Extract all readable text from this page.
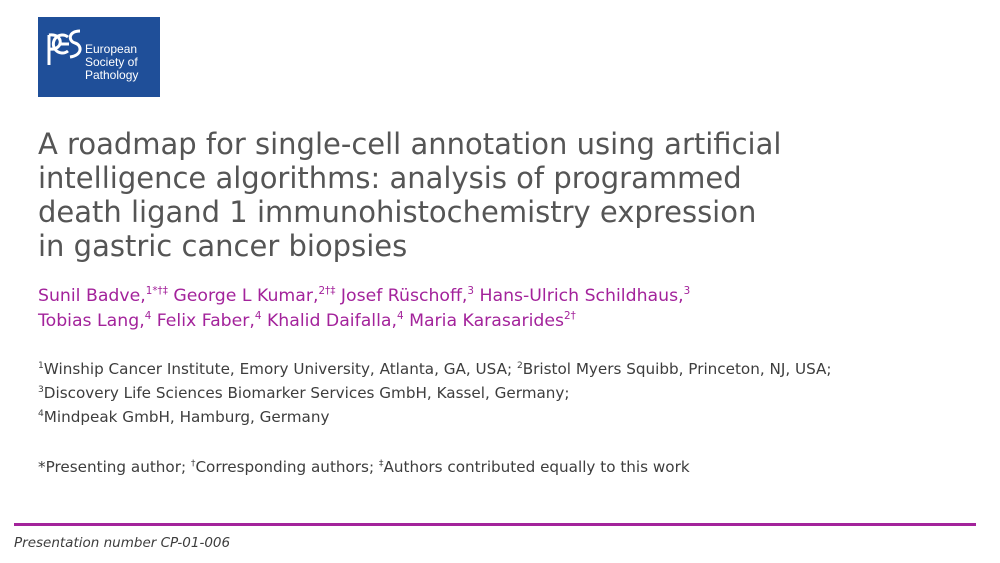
European
Society of
Pathology
A roadmap for single-cell annotation using artificial
intelligence algorithms: analysis of programmed
death ligand 1 immunohistochemistry expression
in gastric cancer biopsies
Sunil Badve,$^{1*\dagger\ddagger}$ George L Kumar,$^{2\dagger\ddagger}$ Josef Rüschoff,$^3$ Hans-Ulrich Schildhaus,$^3$
Tobias Lang,$^4$ Felix Faber,$^4$ Khalid Daifalla,$^4$ Maria Karasarides$^{2\dagger}$
$^1$Winship Cancer Institute, Emory University, Atlanta, GA, USA; $^2$Bristol Myers Squibb, Princeton, NJ, USA;
$^3$Discovery Life Sciences Biomarker Services GmbH, Kassel, Germany;
$^4$Mindpeak GmbH, Hamburg, Germany
*Presenting author; †Corresponding authors; ‡Authors contributed equally to this work
Presentation number CP-01-006
